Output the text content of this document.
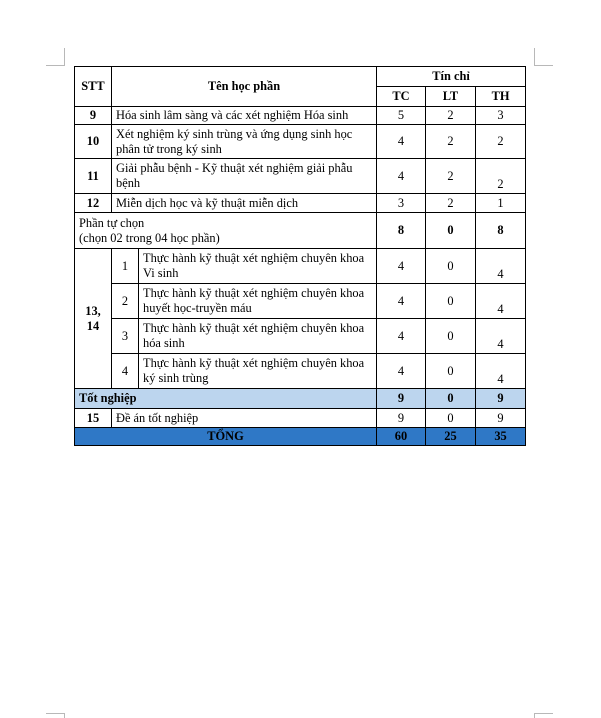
STT	Tên học phần		Tín chỉ		
			TC	LT	TH
9	Hóa sinh lâm sàng và các xét nghiệm Hóa sinh		5	2	3
10	Xét nghiệm ký sinh trùng và ứng dụng sinh học phân tử trong ký sinh		4	2	2
11	Giải phẫu bệnh - Kỹ thuật xét nghiệm giải phẫu bệnh		4	2	2
12	Miễn dịch học và kỹ thuật miễn dịch		3	2	1

Phần tự chọn
(chọn 02 trong 04 học phần)			8	0	8

13,
14	1	Thực hành kỹ thuật xét nghiệm chuyên khoa Vi sinh	4	0	4
	2	Thực hành kỹ thuật xét nghiệm chuyên khoa huyết học-truyền máu	4	0	4
	3	Thực hành kỹ thuật xét nghiệm chuyên khoa hóa sinh	4	0	4
	4	Thực hành kỹ thuật xét nghiệm chuyên khoa ký sinh trùng	4	0	4
Tốt nghiệp			9	0	9
15	Đề án tốt nghiệp		9	0	9
TỔNG			60	25	35
